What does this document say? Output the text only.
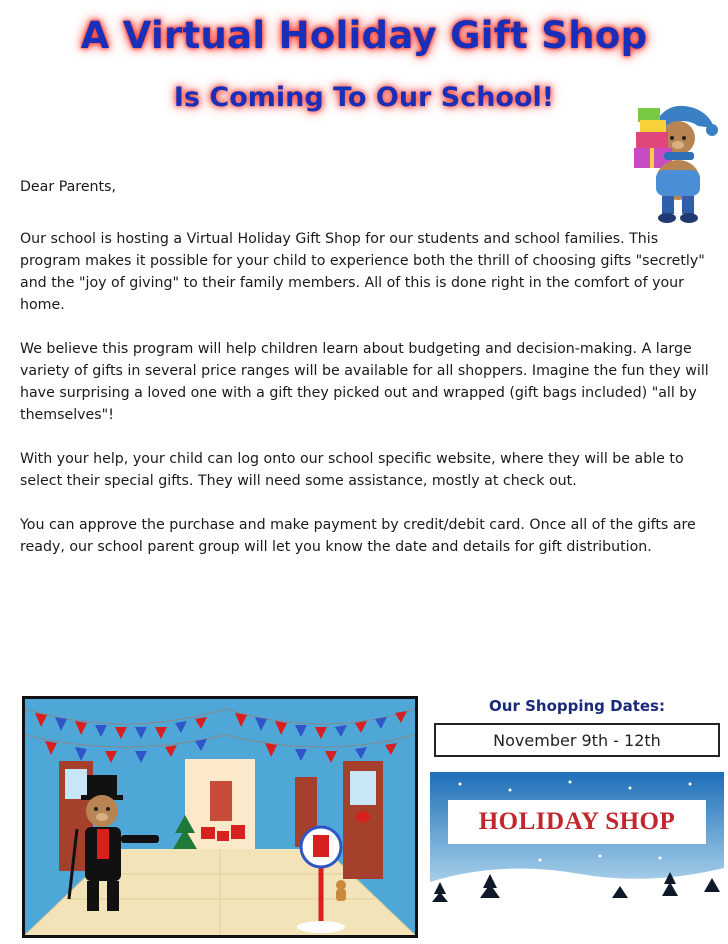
A Virtual Holiday Gift Shop
Is Coming To Our School!

Dear Parents,

Our school is hosting a Virtual Holiday Gift Shop for our students and school families. This program makes it possible for your child to experience both the thrill of choosing gifts "secretly" and the "joy of giving" to their family members. All of this is done right in the comfort of your home.

We believe this program will help children learn about budgeting and decision-making. A large variety of gifts in several price ranges will be available for all shoppers. Imagine the fun they will have surprising a loved one with a gift they picked out and wrapped (gift bags included) "all by themselves"!

With your help, your child can log onto our school specific website, where they will be able to select their special gifts. They will need some assistance, mostly at check out.

You can approve the purchase and make payment by credit/debit card. Once all of the gifts are ready, our school parent group will let you know the date and details for gift distribution.

Our Shopping Dates:
November 9th - 12th
HOLIDAY SHOP
